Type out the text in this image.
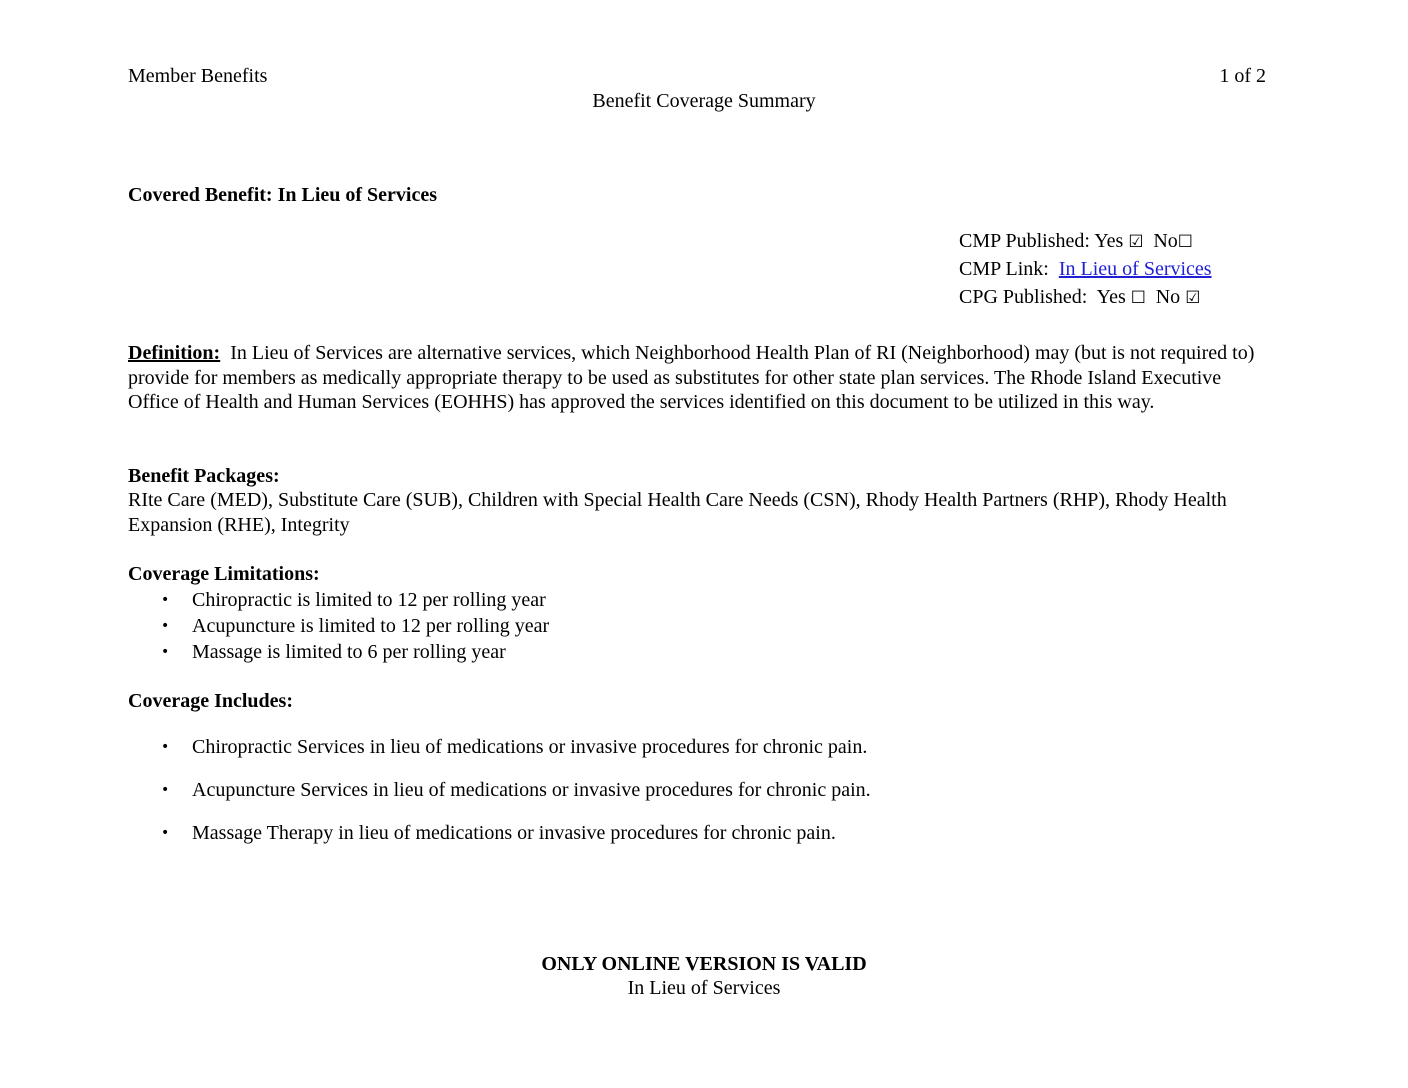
Member Benefits	1 of 2
Benefit Coverage Summary
Covered Benefit: In Lieu of Services
CMP Published: Yes ☑ No☐
CMP Link: In Lieu of Services
CPG Published: Yes ☐ No ☑
Definition: In Lieu of Services are alternative services, which Neighborhood Health Plan of RI (Neighborhood) may (but is not required to) provide for members as medically appropriate therapy to be used as substitutes for other state plan services. The Rhode Island Executive Office of Health and Human Services (EOHHS) has approved the services identified on this document to be utilized in this way.
Benefit Packages:
RIte Care (MED), Substitute Care (SUB), Children with Special Health Care Needs (CSN), Rhody Health Partners (RHP), Rhody Health Expansion (RHE), Integrity
Coverage Limitations:
• Chiropractic is limited to 12 per rolling year
• Acupuncture is limited to 12 per rolling year
• Massage is limited to 6 per rolling year
Coverage Includes:
• Chiropractic Services in lieu of medications or invasive procedures for chronic pain.
• Acupuncture Services in lieu of medications or invasive procedures for chronic pain.
• Massage Therapy in lieu of medications or invasive procedures for chronic pain.
ONLY ONLINE VERSION IS VALID
In Lieu of Services
